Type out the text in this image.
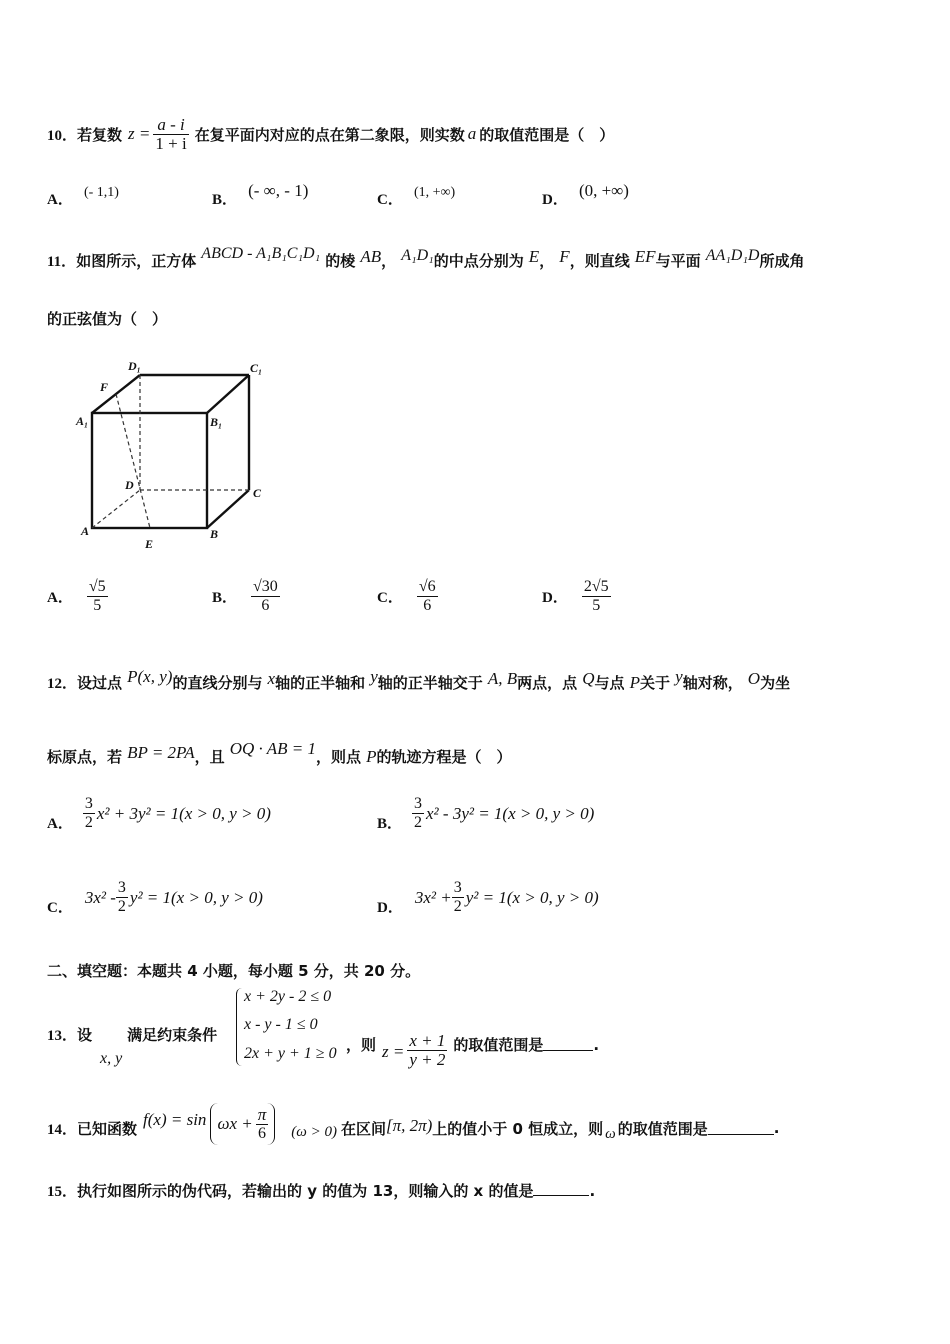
10． 若复数 $z = \frac{a - i}{1 + i}$ 在复平面内对应的点在第二象限，则实数 a 的取值范围是（　）
A． (- 1,1)	B． (- ∞, - 1)	C． (1, +∞)	D． (0, +∞)
11．如图所示，正方体 ABCD - A₁B₁C₁D₁ 的棱 AB， A₁D₁的中点分别为 E， F，则直线 EF与平面 AA₁D₁D所成角
的正弦值为（　）
D₁	C₁
F
A₁	B₁
D
C
A
E
B
A． $\frac{√5}{5}$	B． $\frac{√30}{6}$	C． $\frac{√6}{6}$	D． $\frac{2√5}{5}$
12．设过点 P(x, y)的直线分别与 x轴的正半轴和 y轴的正半轴交于 A, B两点，点 Q与点 P关于 y轴对称， O为坐
标原点，若 BP = 2PA，且 OQ · AB = 1，则点 P的轨迹方程是（　）
A． $\frac{3}{2} x^2 + 3y^2 = 1(x > 0$, y > 0)
B． $\frac{3}{2} x^2 - 3y^2 = 1(x > 0$, y > 0)
C．
$3x^2 - \frac{3}{2} y^2 = 1(x > 0$, y > 0)
D．
$3x^2 + \frac{3}{2} y^2 = 1(x > 0$, y > 0)
二、填空题：本题共 4 小题，每小题 5 分，共 20 分。
13．设 满足约束条件
x, y
x + 2y - 2 ≤ 0
x - y - 1 ≤ 0
2x + y + 1 ≥ 0 ，则 $z = \frac{x + 1}{y + 2}$ 的取值范围是	.
14． 已知函数 $f(x) = \sin \omega x + \frac{\pi}{6} (\omega > 0)$ 在区间 [π, 2π) 上的值小于 0 恒成立，则 ω 的取值范围是	.
15．执行如图所示的伪代码，若输出的 y 的值为 13，则输入的 x 的值是	.
